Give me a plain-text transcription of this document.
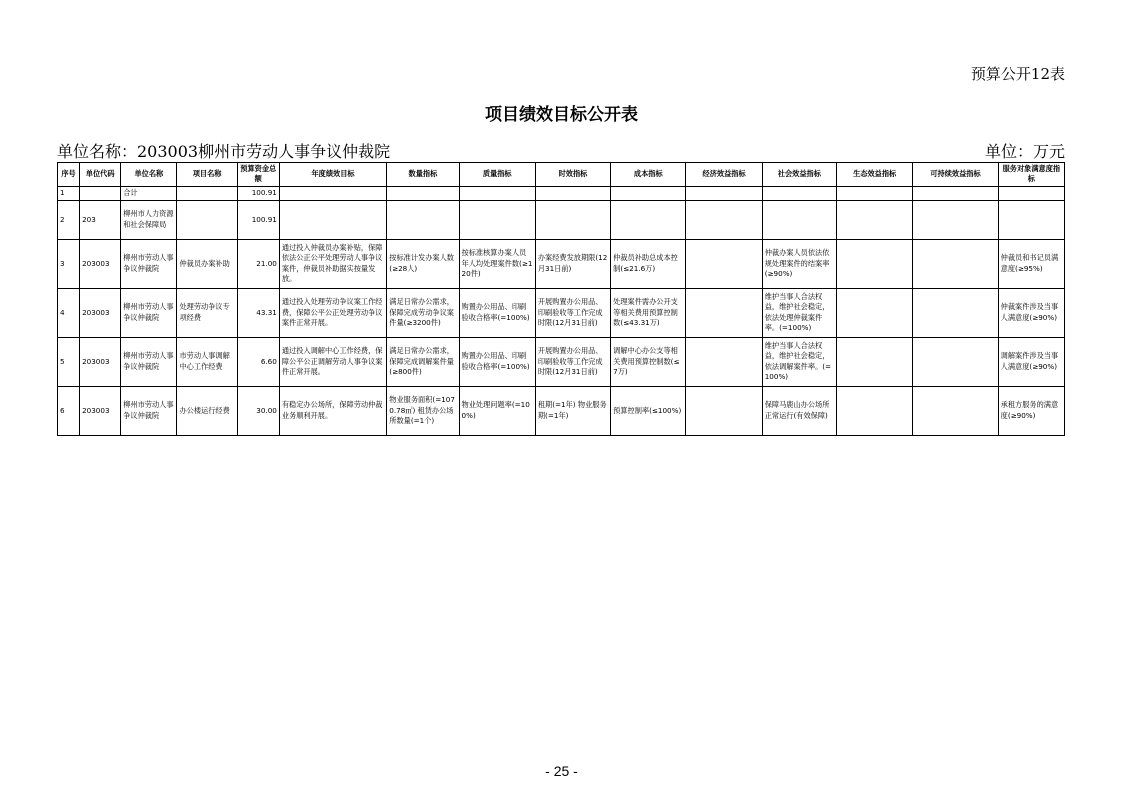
预算公开12表
项目绩效目标公开表
单位名称：203003柳州市劳动人事争议仲裁院	单位：万元
序号	单位代码	单位名称	项目名称	预算资金总额	年度绩效目标	数量指标	质量指标	时效指标	成本指标	经济效益指标	社会效益指标	生态效益指标	可持续效益指标	服务对象满意度指标
1		合计		100.91										
2	203	柳州市人力资源和社会保障局		100.91										
3	203003	柳州市劳动人事争议仲裁院	仲裁员办案补助	21.00	通过投入仲裁员办案补贴，保障依法公正公平处理劳动人事争议案件，仲裁员补助据实按量发放。	按标准计发办案人数(≥28人)	按标准核算办案人员年人均处理案件数(≥120件)	办案经费发放期限(12月31日前)	仲裁员补助总成本控制(≤21.6万)		仲裁办案人员依法依规处理案件的结案率(≥90%)			仲裁员和书记员满意度(≥95%)
4	203003	柳州市劳动人事争议仲裁院	处理劳动争议专项经费	43.31	通过投入处理劳动争议案工作经费，保障公平公正处理劳动争议案件正常开展。	满足日常办公需求，保障完成劳动争议案件量(≥3200件)	购置办公用品、印刷验收合格率(=100%)	开展购置办公用品、印刷验收等工作完成时限(12月31日前)	处理案件需办公开支等相关费用预算控制数(≤43.31万)		维护当事人合法权益，维护社会稳定，依法处理仲裁案件率。(=100%)			仲裁案件涉及当事人满意度(≥90%)
5	203003	柳州市劳动人事争议仲裁院	市劳动人事调解中心工作经费	6.60	通过投入调解中心工作经费，保障公平公正调解劳动人事争议案件正常开展。	满足日常办公需求，保障完成调解案件量(≥800件)	购置办公用品、印刷验收合格率(=100%)	开展购置办公用品、印刷验收等工作完成时限(12月31日前)	调解中心办公支等相关费用预算控制数(≤7万)		维护当事人合法权益，维护社会稳定，依法调解案件率。(=100%)			调解案件涉及当事人满意度(≥90%)
6	203003	柳州市劳动人事争议仲裁院	办公楼运行经费	30.00	有稳定办公场所，保障劳动仲裁业务顺利开展。	物业服务面积(=1070.78㎡) 租赁办公场所数量(=1个)	物业处理问题率(=100%)	租期(=1年) 物业服务期(=1年)	预算控制率(≤100%)		保障马鹿山办公场所正常运行(有效保障)			承租方服务的满意度(≥90%)
- 25 -
